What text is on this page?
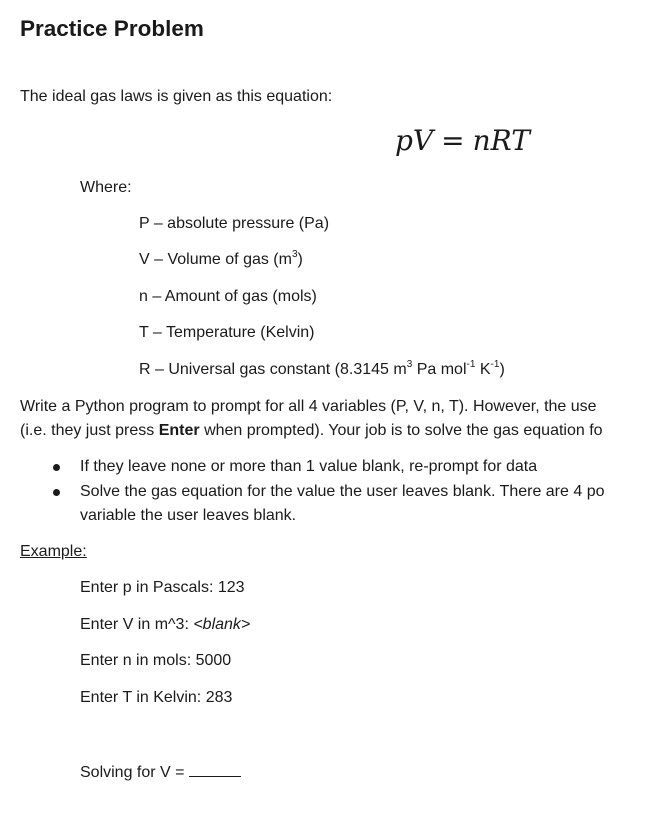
Practice Problem
The ideal gas laws is given as this equation:
pV = nRT
Where:
P – absolute pressure (Pa)
V – Volume of gas $(m^3)$
n – Amount of gas (mols)
T – Temperature (Kelvin)
R – Universal gas constant (8.3145 $m^3$ Pa mol$^{-1}$ $K^{-1}$)
Write a Python program to prompt for all 4 variables (P, V, n, T). However, the use
(i.e. they just press Enter when prompted). Your job is to solve the gas equation fo
If they leave none or more than 1 value blank, re-prompt for data
Solve the gas equation for the value the user leaves blank. There are 4 po
variable the user leaves blank.
Example:
Enter p in Pascals: 123
Enter V in m^3: <blank>
Enter n in mols: 5000
Enter T in Kelvin: 283
Solving for V =
